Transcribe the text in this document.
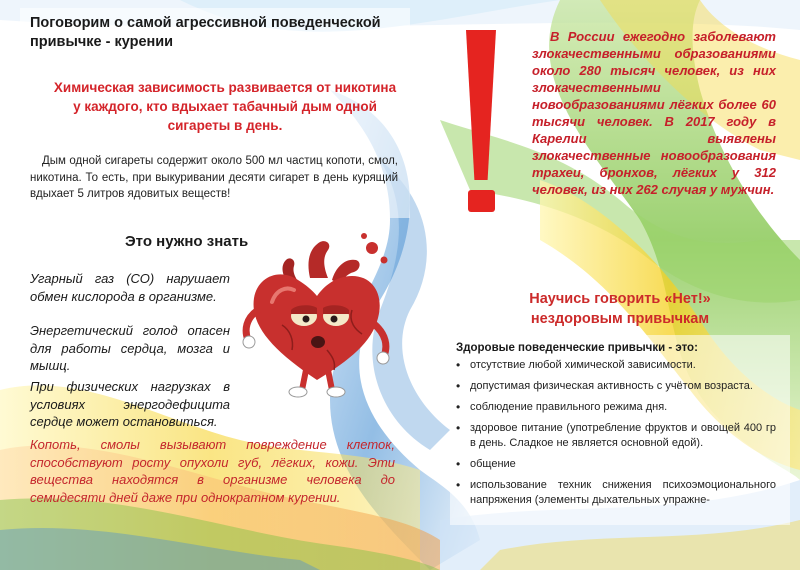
Поговорим о самой агрессивной поведенческой
привычке - курении
Химическая зависимость развивается от никотина у каждого, кто вдыхает табачный дым одной сигареты в день.
Дым одной сигареты содержит около 500 мл частиц копоти, смол, никотина. То есть, при выкуривании десяти сигарет в день курящий вдыхает 5 литров ядовитых веществ!
Это нужно знать
Угарный газ (СО) нарушает обмен кислорода в организме.
Энергетический голод опасен для работы сердца, мозга и мышц.
При физических нагрузках в условиях энергодефицита сердце может остановиться.
Копоть, смолы вызывают повреждение клеток, способствуют росту опухоли губ, лёгких, кожи. Эти вещества находятся в организме человека до семидесяти дней даже при однократном курении.
В России ежегодно заболевают злокачественными образованиями около 280 тысяч человек, из них злокачественными новообразованиями лёгких более 60 тысячи человек. В 2017 году в Карелии выявлены злокачественные новообразования трахеи, бронхов, лёгких у 312 человек, из них 262 случая у мужчин.
Научись говорить «Нет!»
нездоровым привычкам
Здоровые поведенческие привычки - это:
• отсутствие любой химической зависимости.
• допустимая физическая активность с учётом возраста.
• соблюдение правильного режима дня.
• здоровое питание (употребление фруктов и овощей 400 гр в день. Сладкое не является основной едой).
• общение
• использование техник снижения психоэмоционального напряжения (элементы дыхательных упражне-
